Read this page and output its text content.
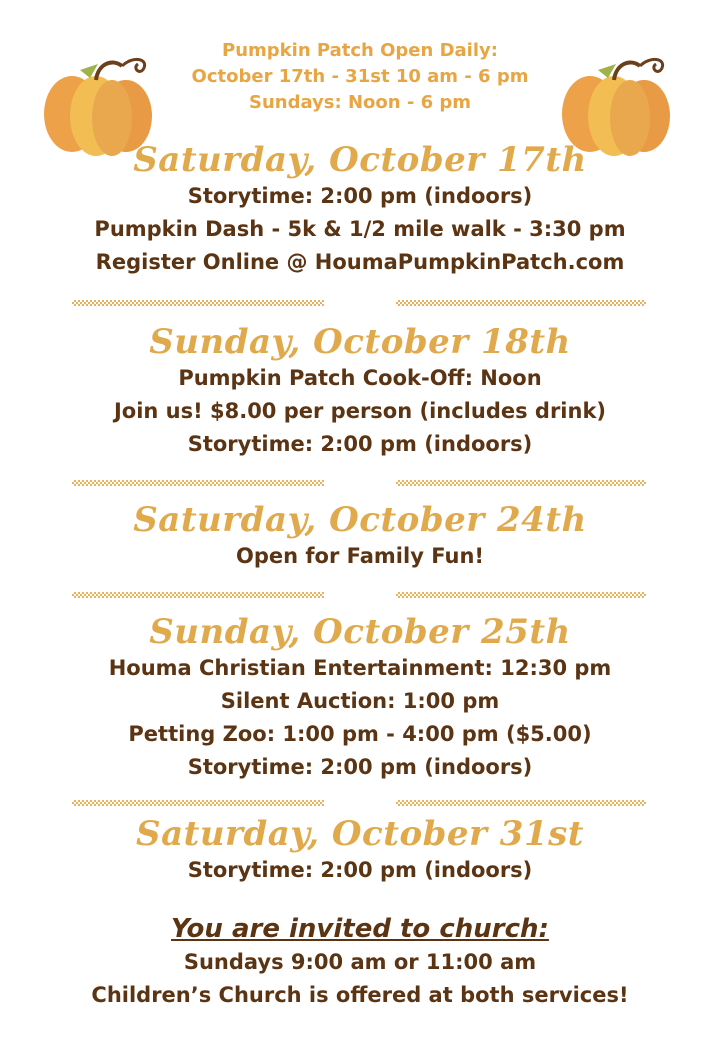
Pumpkin Patch Open Daily:
October 17th - 31st 10 am - 6 pm
Sundays: Noon - 6 pm
Saturday, October 17th
Storytime: 2:00 pm (indoors)
Pumpkin Dash - 5k & 1/2 mile walk - 3:30 pm
Register Online @ HoumaPumpkinPatch.com
Sunday, October 18th
Pumpkin Patch Cook-Off: Noon
Join us! $8.00 per person (includes drink)
Storytime: 2:00 pm (indoors)
Saturday, October 24th
Open for Family Fun!
Sunday, October 25th
Houma Christian Entertainment: 12:30 pm
Silent Auction: 1:00 pm
Petting Zoo: 1:00 pm - 4:00 pm ($5.00)
Storytime: 2:00 pm (indoors)
Saturday, October 31st
Storytime: 2:00 pm (indoors)
You are invited to church:
Sundays 9:00 am or 11:00 am
Children’s Church is offered at both services!
